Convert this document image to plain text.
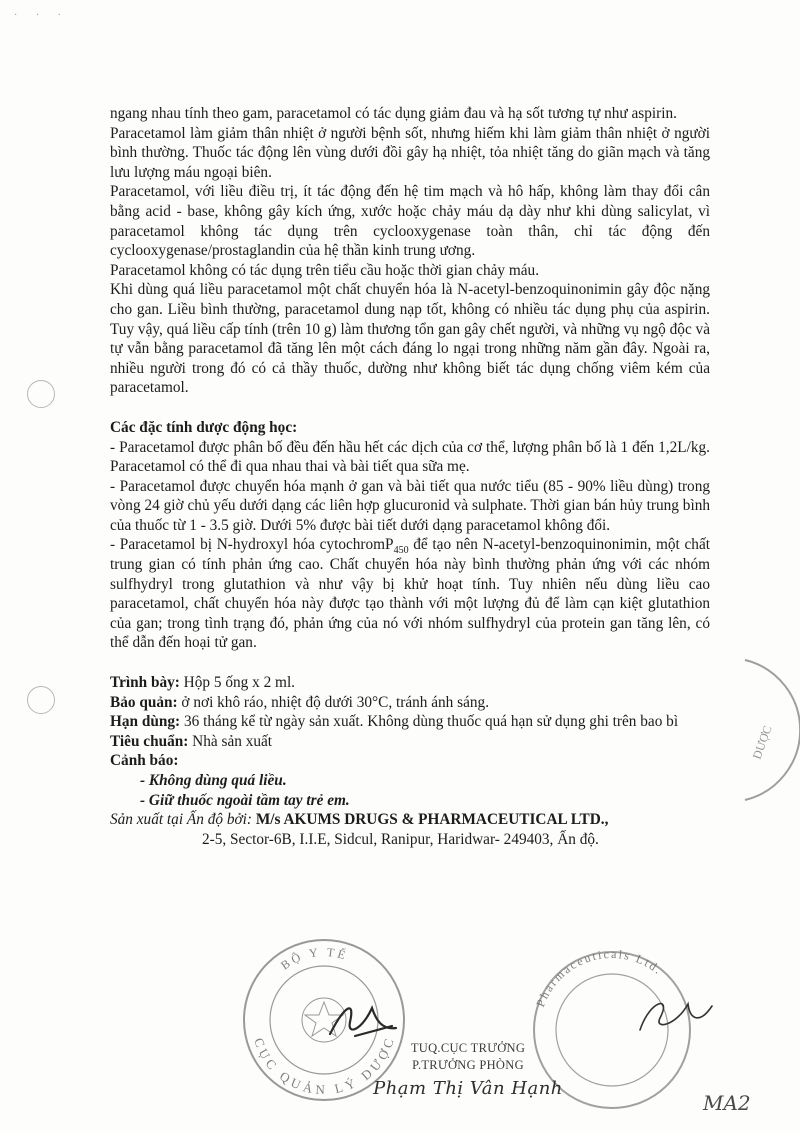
· · ·

ngang nhau tính theo gam, paracetamol có tác dụng giảm đau và hạ sốt tương tự như aspirin.

Paracetamol làm giảm thân nhiệt ở người bệnh sốt, nhưng hiếm khi làm giảm thân nhiệt ở người bình thường. Thuốc tác động lên vùng dưới đồi gây hạ nhiệt, tỏa nhiệt tăng do giãn mạch và tăng lưu lượng máu ngoại biên.

Paracetamol, với liều điều trị, ít tác động đến hệ tim mạch và hô hấp, không làm thay đổi cân bằng acid - base, không gây kích ứng, xước hoặc chảy máu dạ dày như khi dùng salicylat, vì paracetamol không tác dụng trên cyclooxygenase toàn thân, chỉ tác động đến cyclooxygenase/prostaglandin của hệ thần kinh trung ương.

Paracetamol không có tác dụng trên tiểu cầu hoặc thời gian chảy máu.

Khi dùng quá liều paracetamol một chất chuyển hóa là N-acetyl-benzoquinonimin gây độc nặng cho gan. Liều bình thường, paracetamol dung nạp tốt, không có nhiều tác dụng phụ của aspirin. Tuy vậy, quá liều cấp tính (trên 10 g) làm thương tổn gan gây chết người, và những vụ ngộ độc và tự vẫn bằng paracetamol đã tăng lên một cách đáng lo ngại trong những năm gần đây. Ngoài ra, nhiều người trong đó có cả thầy thuốc, dường như không biết tác dụng chống viêm kém của paracetamol.

Các đặc tính dược động học:

- Paracetamol được phân bố đều đến hầu hết các dịch của cơ thể, lượng phân bố là 1 đến 1,2L/kg. Paracetamol có thể đi qua nhau thai và bài tiết qua sữa mẹ.

- Paracetamol được chuyển hóa mạnh ở gan và bài tiết qua nước tiểu (85 - 90% liều dùng) trong vòng 24 giờ chủ yếu dưới dạng các liên hợp glucuronid và sulphate. Thời gian bán hủy trung bình của thuốc từ 1 - 3.5 giờ. Dưới 5% được bài tiết dưới dạng paracetamol không đổi.

- Paracetamol bị N-hydroxyl hóa cytochromP$_{450}$ để tạo nên N-acetyl-benzoquinonimin, một chất trung gian có tính phản ứng cao. Chất chuyển hóa này bình thường phản ứng với các nhóm sulfhydryl trong glutathion và như vậy bị khử hoạt tính. Tuy nhiên nếu dùng liều cao paracetamol, chất chuyển hóa này được tạo thành với một lượng đủ để làm cạn kiệt glutathion của gan; trong tình trạng đó, phản ứng của nó với nhóm sulfhydryl của protein gan tăng lên, có thể dẫn đến hoại tử gan.

Trình bày: Hộp 5 ống x 2 ml.

Bảo quản: ở nơi khô ráo, nhiệt độ dưới 30°C, tránh ánh sáng.

Hạn dùng: 36 tháng kể từ ngày sản xuất. Không dùng thuốc quá hạn sử dụng ghi trên bao bì

Tiêu chuẩn: Nhà sản xuất

Cảnh báo:

- Không dùng quá liều.

- Giữ thuốc ngoài tầm tay trẻ em.

Sản xuất tại Ấn độ bởi: M/s AKUMS DRUGS & PHARMACEUTICAL LTD.,

2-5, Sector-6B, I.I.E, Sidcul, Ranipur, Haridwar- 249403, Ấn độ.

BỘ Y TẾ
CỤC QUẢN LÝ DƯỢC
Pharmaceuticals Ltd.
DƯỢC
MA2
TUQ.CỤC TRƯỞNG
P.TRƯỞNG PHÒNG
Phạm Thị Vân Hạnh
